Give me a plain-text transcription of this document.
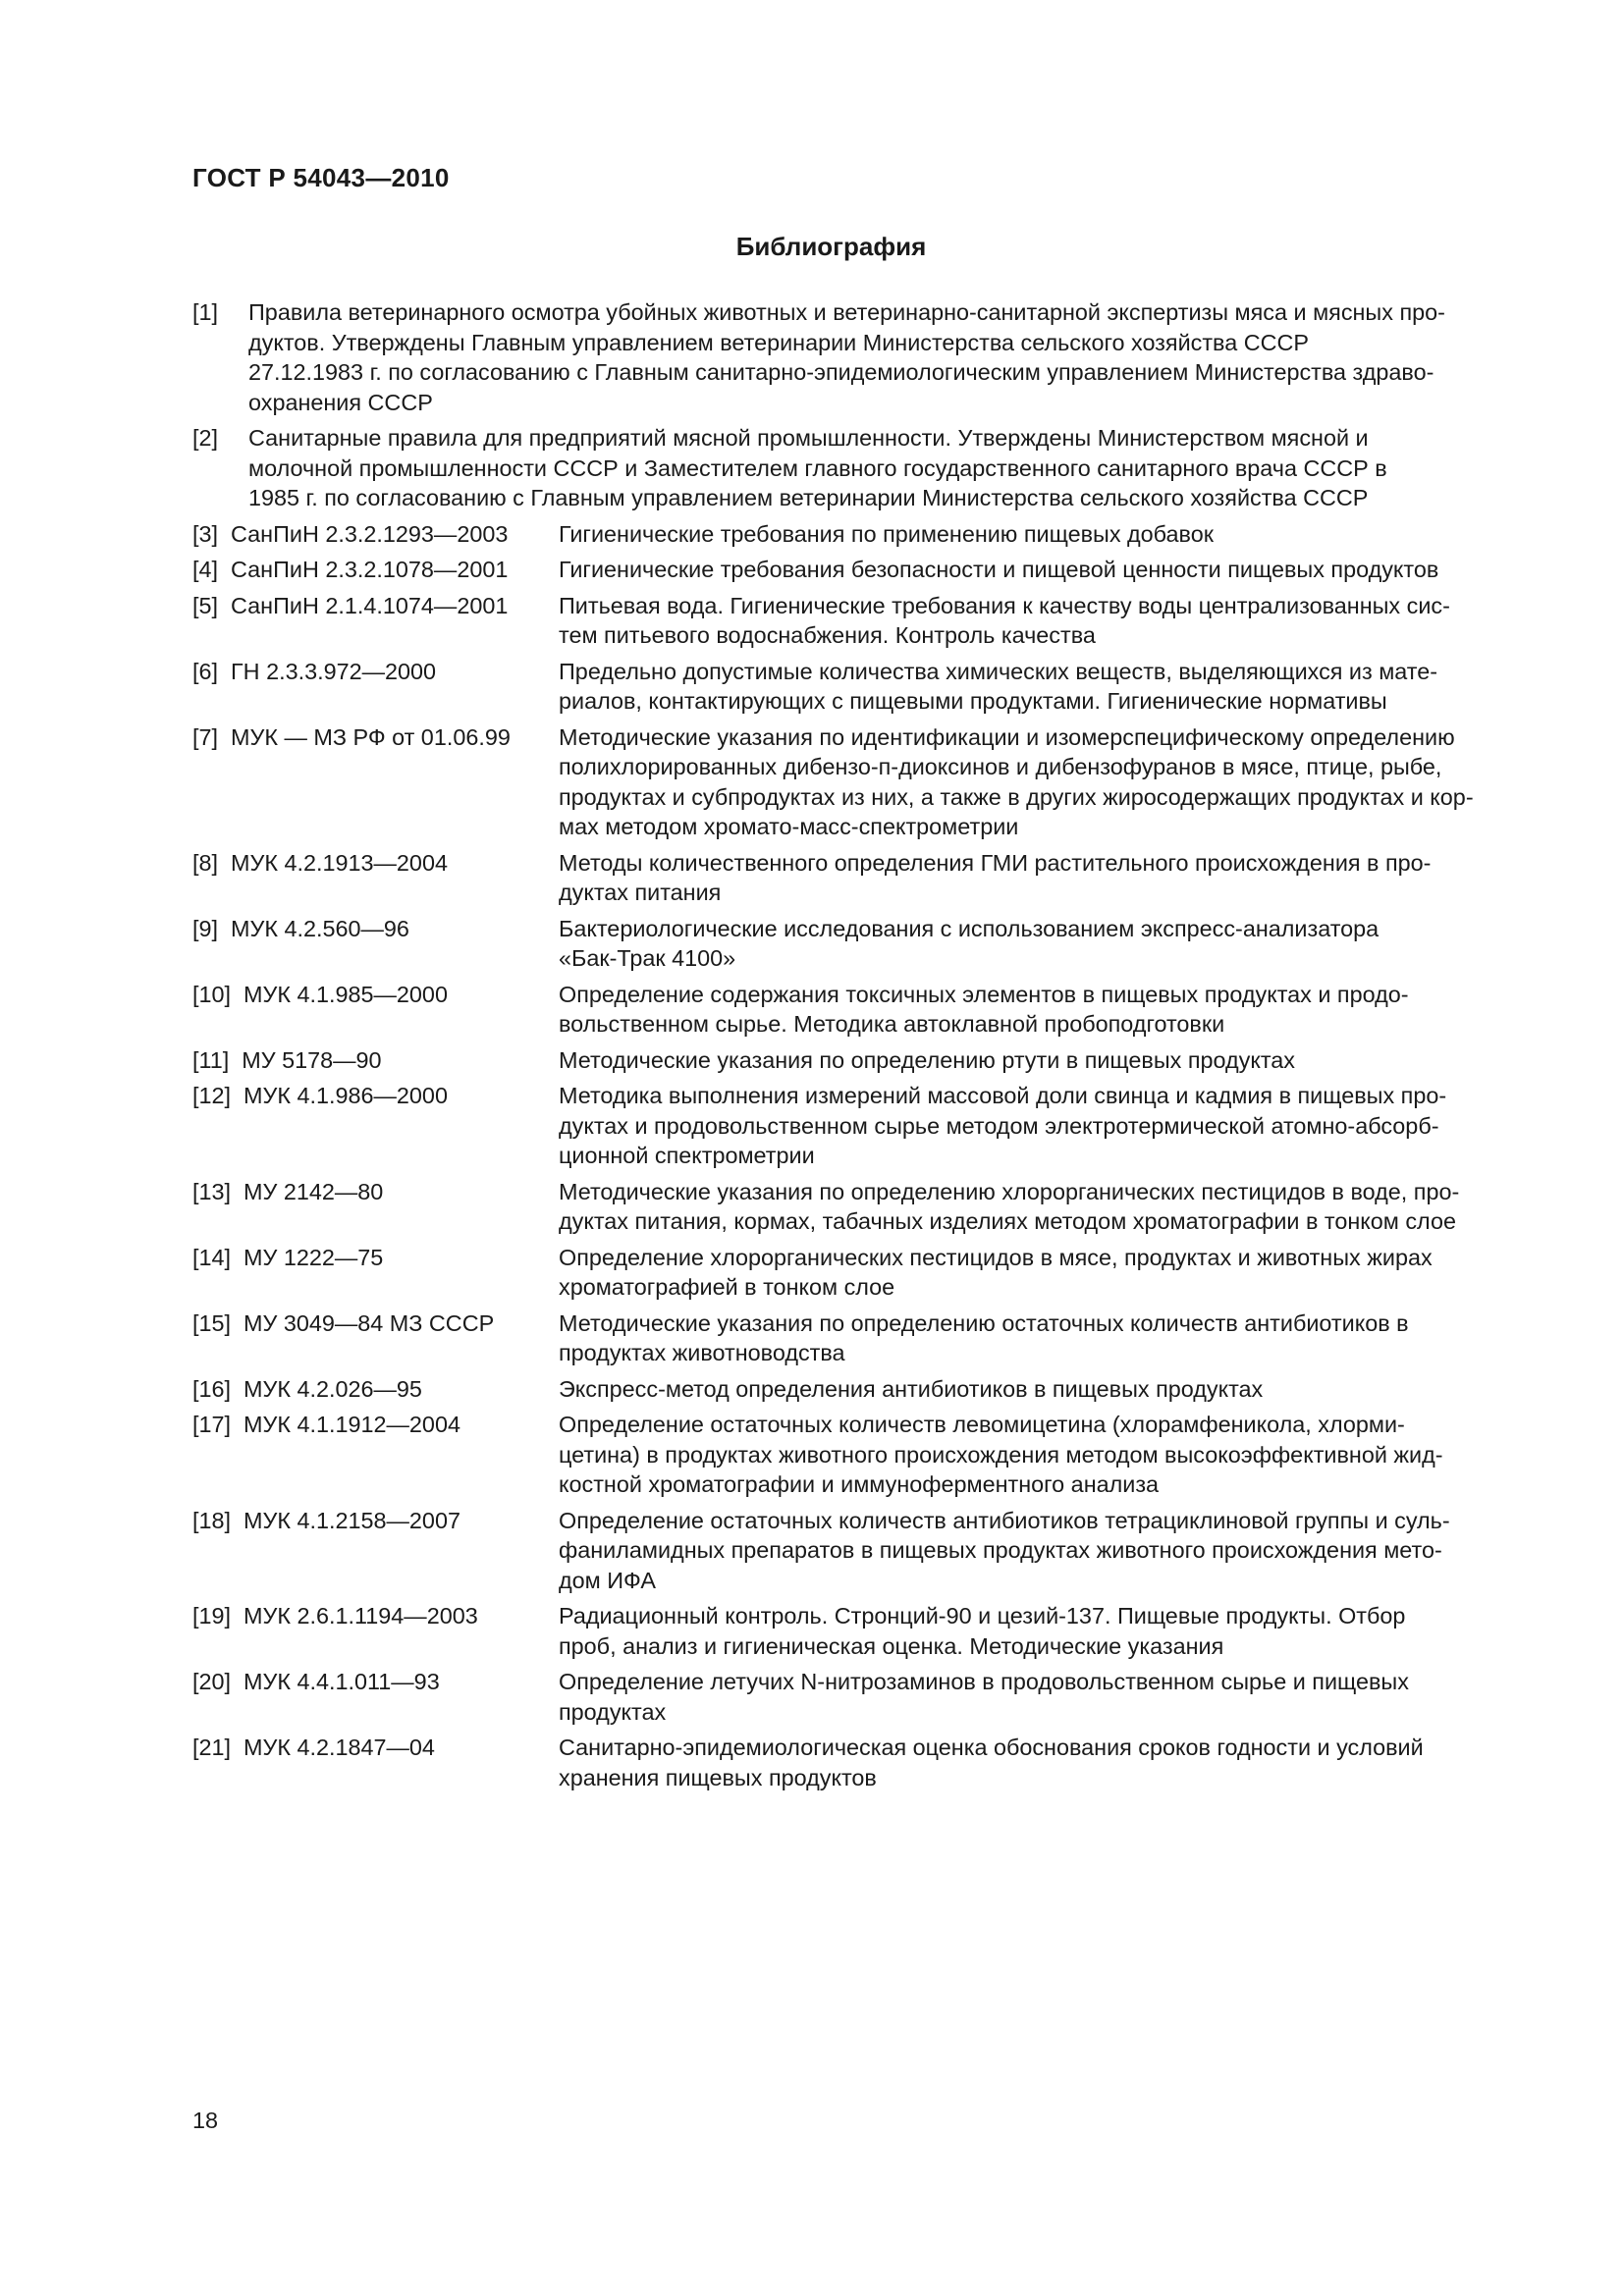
ГОСТ Р 54043—2010
Библиография
[1] Правила ветеринарного осмотра убойных животных и ветеринарно-санитарной экспертизы мяса и мясных про-
дуктов. Утверждены Главным управлением ветеринарии Министерства сельского хозяйства СССР
27.12.1983 г. по согласованию с Главным санитарно-эпидемиологическим управлением Министерства здраво-
охранения СССР
[2] Санитарные правила для предприятий мясной промышленности. Утверждены Министерством мясной и
молочной промышленности СССР и Заместителем главного государственного санитарного врача СССР в
1985 г. по согласованию с Главным управлением ветеринарии Министерства сельского хозяйства СССР
[3] СанПиН 2.3.2.1293—2003	Гигиенические требования по применению пищевых добавок
[4] СанПиН 2.3.2.1078—2001	Гигиенические требования безопасности и пищевой ценности пищевых продуктов
[5] СанПиН 2.1.4.1074—2001	Питьевая вода. Гигиенические требования к качеству воды централизованных сис-
тем питьевого водоснабжения. Контроль качества
[6] ГН 2.3.3.972—2000	Предельно допустимые количества химических веществ, выделяющихся из мате-
риалов, контактирующих с пищевыми продуктами. Гигиенические нормативы
[7] МУК — МЗ РФ от 01.06.99	Методические указания по идентификации и изомерспецифическому определению
полихлорированных дибензо-п-диоксинов и дибензофуранов в мясе, птице, рыбе,
продуктах и субпродуктах из них, а также в других жиросодержащих продуктах и кор-
мах методом хромато-масс-спектрометрии
[8] МУК 4.2.1913—2004	Методы количественного определения ГМИ растительного происхождения в про-
дуктах питания
[9] МУК 4.2.560—96	Бактериологические исследования с использованием экспресс-анализатора
«Бак-Трак 4100»
[10] МУК 4.1.985—2000	Определение содержания токсичных элементов в пищевых продуктах и продо-
вольственном сырье. Методика автоклавной пробоподготовки
[11] МУ 5178—90	Методические указания по определению ртути в пищевых продуктах
[12] МУК 4.1.986—2000	Методика выполнения измерений массовой доли свинца и кадмия в пищевых про-
дуктах и продовольственном сырье методом электротермической атомно-абсорб-
ционной спектрометрии
[13] МУ 2142—80	Методические указания по определению хлорорганических пестицидов в воде, про-
дуктах питания, кормах, табачных изделиях методом хроматографии в тонком слое
[14] МУ 1222—75	Определение хлорорганических пестицидов в мясе, продуктах и животных жирах
хроматографией в тонком слое
[15] МУ 3049—84 МЗ СССР	Методические указания по определению остаточных количеств антибиотиков в
продуктах животноводства
[16] МУК 4.2.026—95	Экспресс-метод определения антибиотиков в пищевых продуктах
[17] МУК 4.1.1912—2004	Определение остаточных количеств левомицетина (хлорамфеникола, хлорми-
цетина) в продуктах животного происхождения методом высокоэффективной жид-
костной хроматографии и иммуноферментного анализа
[18] МУК 4.1.2158—2007	Определение остаточных количеств антибиотиков тетрациклиновой группы и суль-
фаниламидных препаратов в пищевых продуктах животного происхождения мето-
дом ИФА
[19] МУК 2.6.1.1194—2003	Радиационный контроль. Стронций-90 и цезий-137. Пищевые продукты. Отбор
проб, анализ и гигиеническая оценка. Методические указания
[20] МУК 4.4.1.011—93	Определение летучих N-нитрозаминов в продовольственном сырье и пищевых
продуктах
[21] МУК 4.2.1847—04	Санитарно-эпидемиологическая оценка обоснования сроков годности и условий
хранения пищевых продуктов
18
